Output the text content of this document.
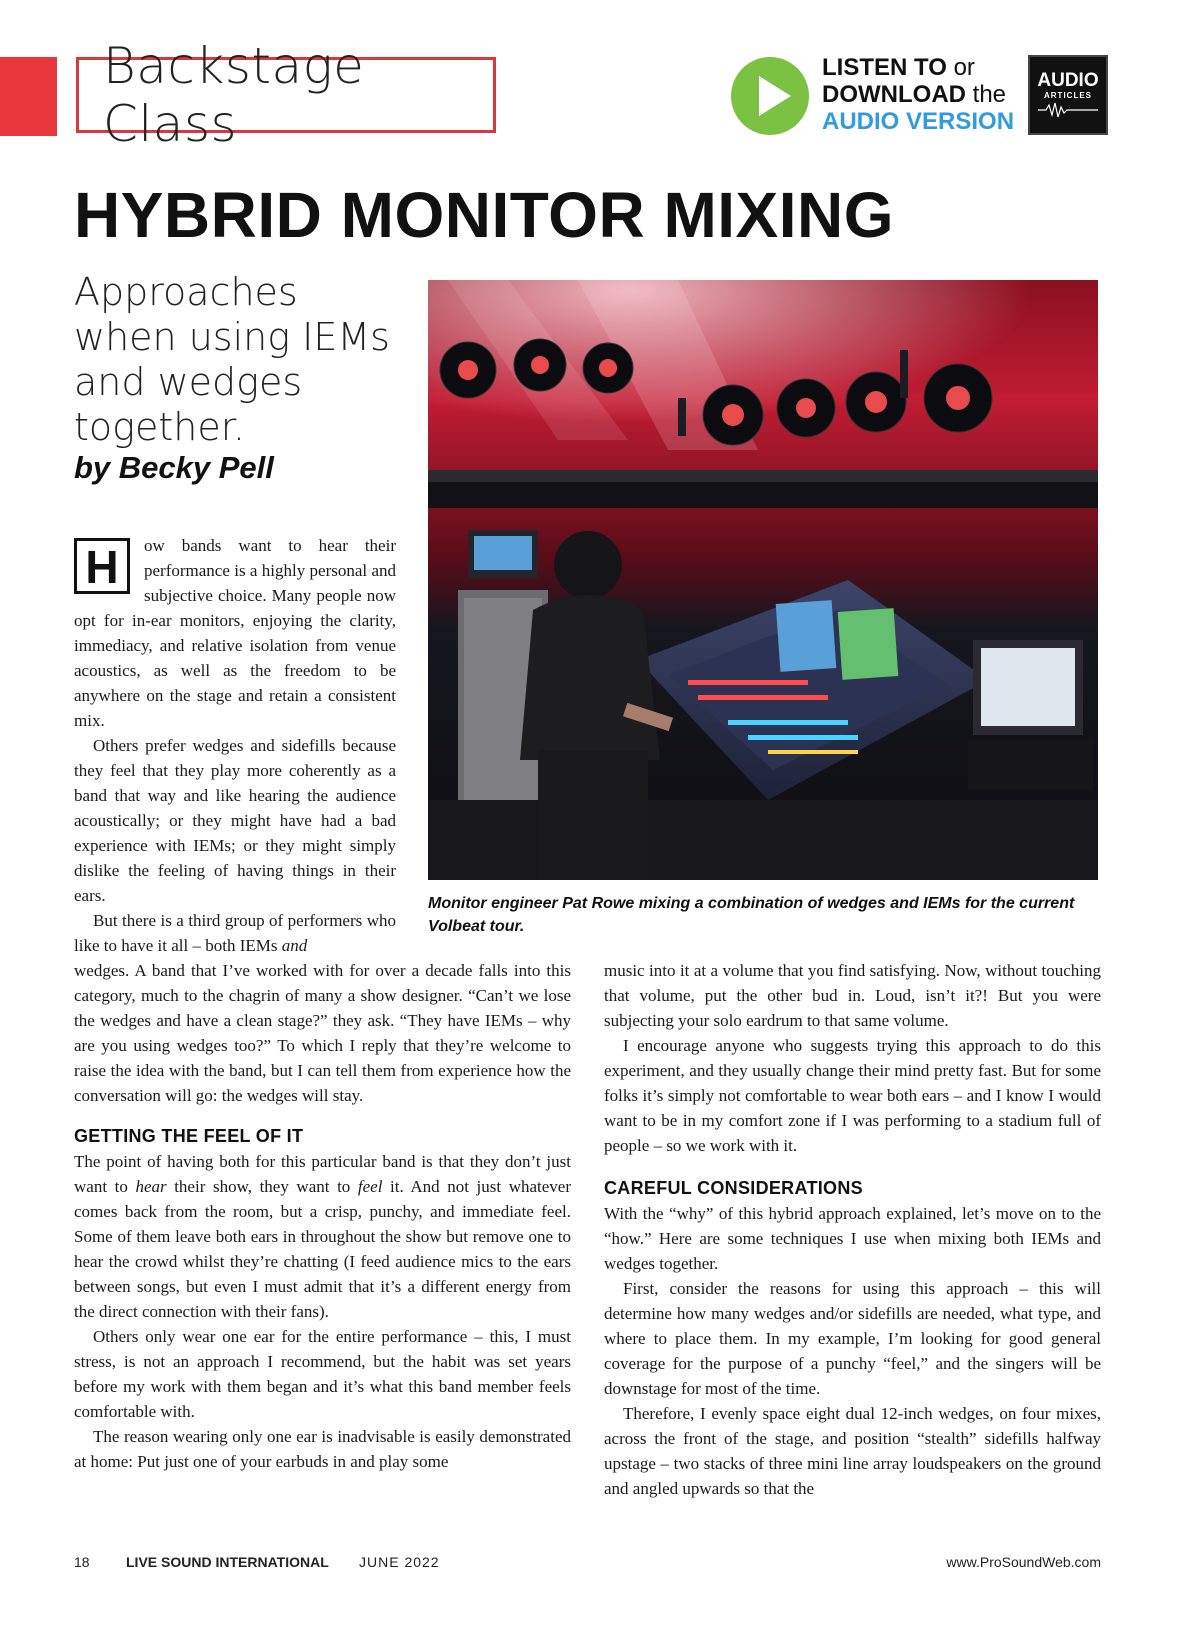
Backstage Class
LISTEN TO or
DOWNLOAD the
AUDIO VERSION
AUDIO
ARTICLES
HYBRID MONITOR MIXING
Approaches when using IEMs and wedges together.
by Becky Pell
Monitor engineer Pat Rowe mixing a combination of wedges and IEMs for the current Volbeat tour.
H	ow bands want to hear their performance is a highly personal and subjective choice. Many people now opt for in-ear monitors, enjoying the clarity, immediacy, and relative isolation from venue acoustics, as well as the freedom to be anywhere on the stage and retain a consistent mix.

Others prefer wedges and sidefills because they feel that they play more coherently as a band that way and like hearing the audience acoustically; or they might have had a bad experience with IEMs; or they might simply dislike the feeling of having things in their ears.

But there is a third group of performers who like to have it all – both IEMs and

wedges. A band that I’ve worked with for over a decade falls into this category, much to the chagrin of many a show designer. “Can’t we lose the wedges and have a clean stage?” they ask. “They have IEMs – why are you using wedges too?” To which I reply that they’re welcome to raise the idea with the band, but I can tell them from experience how the conversation will go: the wedges will stay.

GETTING THE FEEL OF IT

The point of having both for this particular band is that they don’t just want to hear their show, they want to feel it. And not just whatever comes back from the room, but a crisp, punchy, and immediate feel. Some of them leave both ears in throughout the show but remove one to hear the crowd whilst they’re chatting (I feed audience mics to the ears between songs, but even I must admit that it’s a different energy from the direct connection with their fans).

Others only wear one ear for the entire performance – this, I must stress, is not an approach I recommend, but the habit was set years before my work with them began and it’s what this band member feels comfortable with.

The reason wearing only one ear is inadvisable is easily demonstrated at home: Put just one of your earbuds in and play some

music into it at a volume that you find satisfying. Now, without touching that volume, put the other bud in. Loud, isn’t it?! But you were subjecting your solo eardrum to that same volume.

I encourage anyone who suggests trying this approach to do this experiment, and they usually change their mind pretty fast. But for some folks it’s simply not comfortable to wear both ears – and I know I would want to be in my comfort zone if I was performing to a stadium full of people – so we work with it.

CAREFUL CONSIDERATIONS

With the “why” of this hybrid approach explained, let’s move on to the “how.” Here are some techniques I use when mixing both IEMs and wedges together.

First, consider the reasons for using this approach – this will determine how many wedges and/or sidefills are needed, what type, and where to place them. In my example, I’m looking for good general coverage for the purpose of a punchy “feel,” and the singers will be downstage for most of the time.

Therefore, I evenly space eight dual 12-inch wedges, on four mixes, across the front of the stage, and position “stealth” sidefills halfway upstage – two stacks of three mini line array loudspeakers on the ground and angled upwards so that the

18	LIVE SOUND INTERNATIONAL JUNE 2022	www.ProSoundWeb.com
